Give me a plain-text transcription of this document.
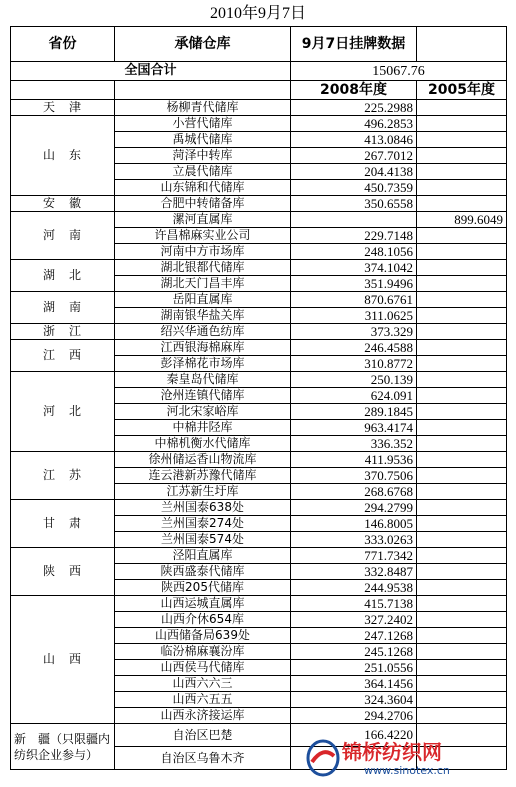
2010年9月7日
省份	承储仓库	9月7日挂牌数据	
全国合计		15067.76	
		2008年度	2005年度
天　津	杨柳青代储库	225.2988	
山　东	小营代储库	496.2853	
	禹城代储库	413.0846	
	菏泽中转库	267.7012	
	立晨代储库	204.4138	
	山东锦和代储库	450.7359	
安　徽	合肥中转储备库	350.6558	
河　南	漯河直属库		899.6049
	许昌棉麻实业公司	229.7148	
	河南中方市场库	248.1056	
湖　北	湖北银都代储库	374.1042	
	湖北天门昌丰库	351.9496	
湖　南	岳阳直属库	870.6761	
	湖南银华盐关库	311.0625	
浙　江	绍兴华通色纺库	373.329	
江　西	江西银海棉麻库	246.4588	
	彭泽棉花市场库	310.8772	
河　北	秦皇岛代储库	250.139	
	沧州连镇代储库	624.091	
	河北宋家峪库	289.1845	
	中棉井陉库	963.4174	
	中棉机衡水代储库	336.352	
江　苏	徐州储运香山物流库	411.9536	
	连云港新苏豫代储库	370.7506	
	江苏新生圩库	268.6768	
甘　肃	兰州国泰638处	294.2799	
	兰州国泰274处	146.8005	
	兰州国泰574处	333.0263	
陕　西	泾阳直属库	771.7342	
	陕西盛泰代储库	332.8487	
	陕西205代储库	244.9538	
山　西	山西运城直属库	415.7138	
	山西介休654库	327.2402	
	山西储备局639处	247.1268	
	临汾棉麻襄汾库	245.1268	
	山西侯马代储库	251.0556	
	山西六六三	364.1456	
	山西六五五	324.3604	
	山西永济接运库	294.2706	
新　疆（只限疆内纺织企业参与）	自治区巴楚	166.4220	
	自治区乌鲁木齐			锦桥纺织网
www.sinotex.cn
